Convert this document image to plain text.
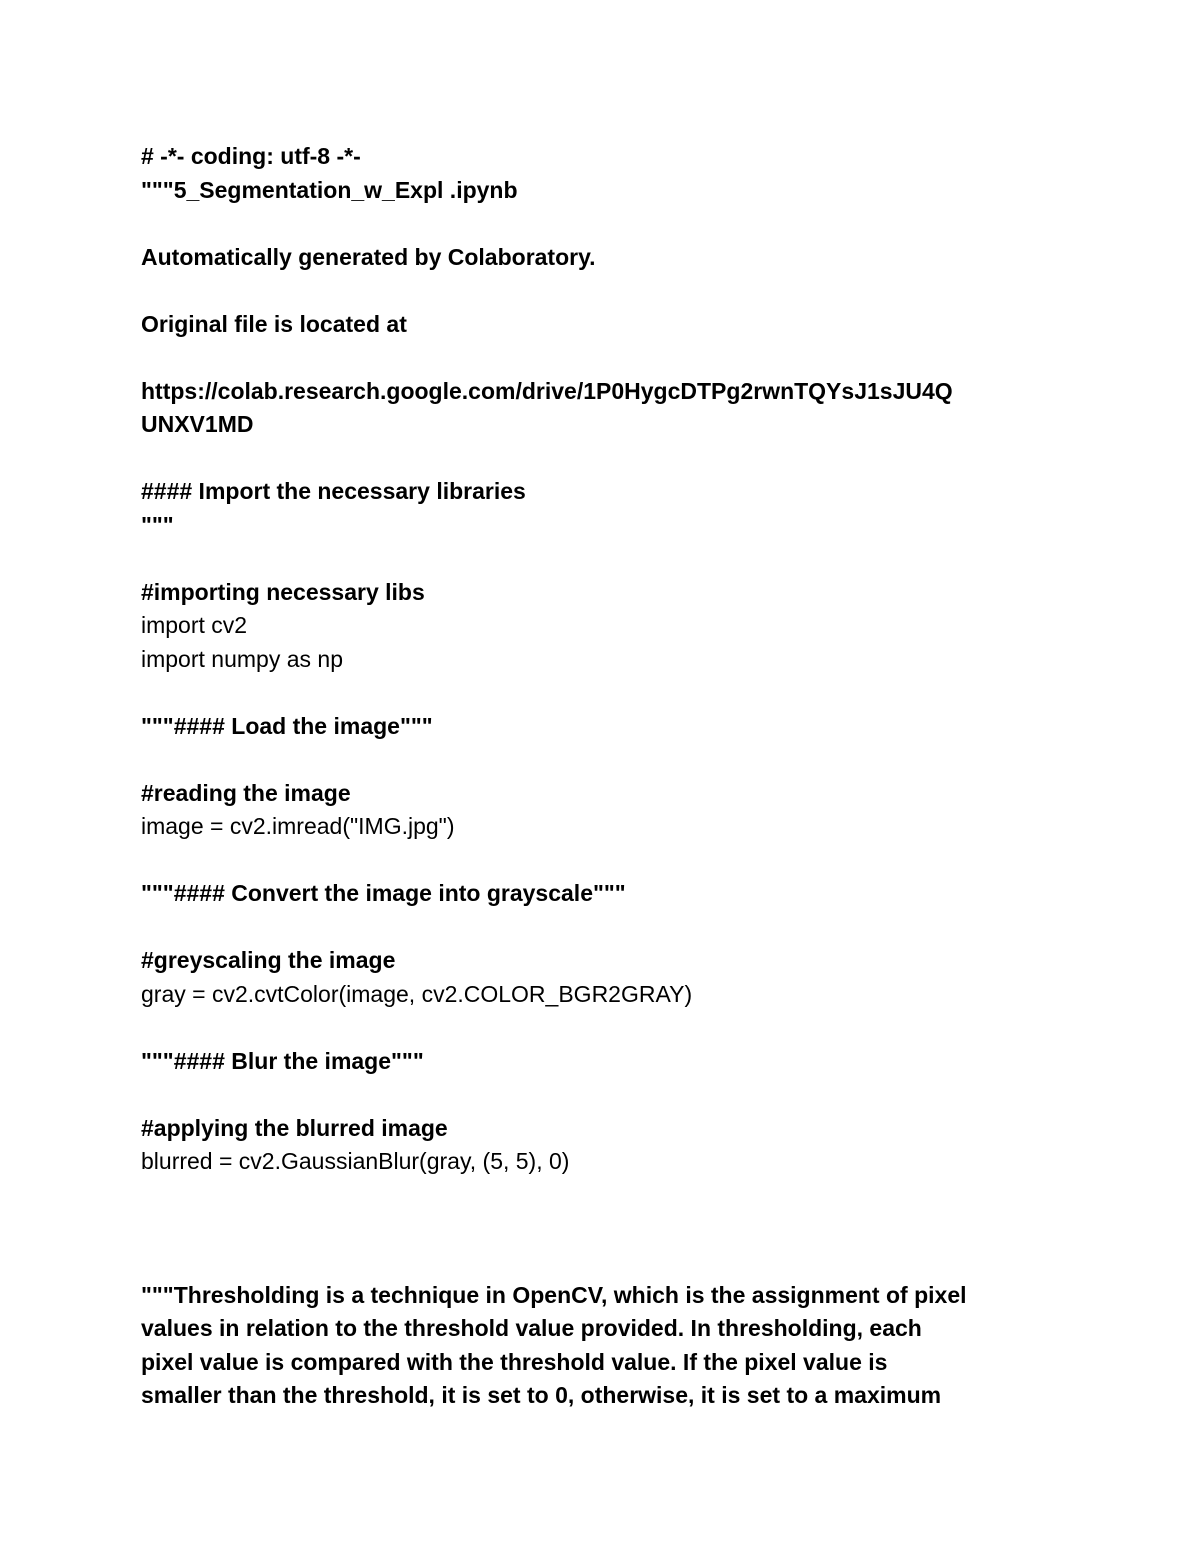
# -*- coding: utf-8 -*-
"""5_Segmentation_w_Expl .ipynb
Automatically generated by Colaboratory.
Original file is located at
https://colab.research.google.com/drive/1P0HygcDTPg2rwnTQYsJ1sJU4Q
UNXV1MD
#### Import the necessary libraries
"""
#importing necessary libs
import cv2
import numpy as np
"""#### Load the image"""
#reading the image
image = cv2.imread("IMG.jpg")
"""#### Convert the image into grayscale"""
#greyscaling the image
gray = cv2.cvtColor(image, cv2.COLOR_BGR2GRAY)
"""#### Blur the image"""
#applying the blurred image
blurred = cv2.GaussianBlur(gray, (5, 5), 0)
"""Thresholding is a technique in OpenCV, which is the assignment of pixel
values in relation to the threshold value provided. In thresholding, each
pixel value is compared with the threshold value. If the pixel value is
smaller than the threshold, it is set to 0, otherwise, it is set to a maximum
